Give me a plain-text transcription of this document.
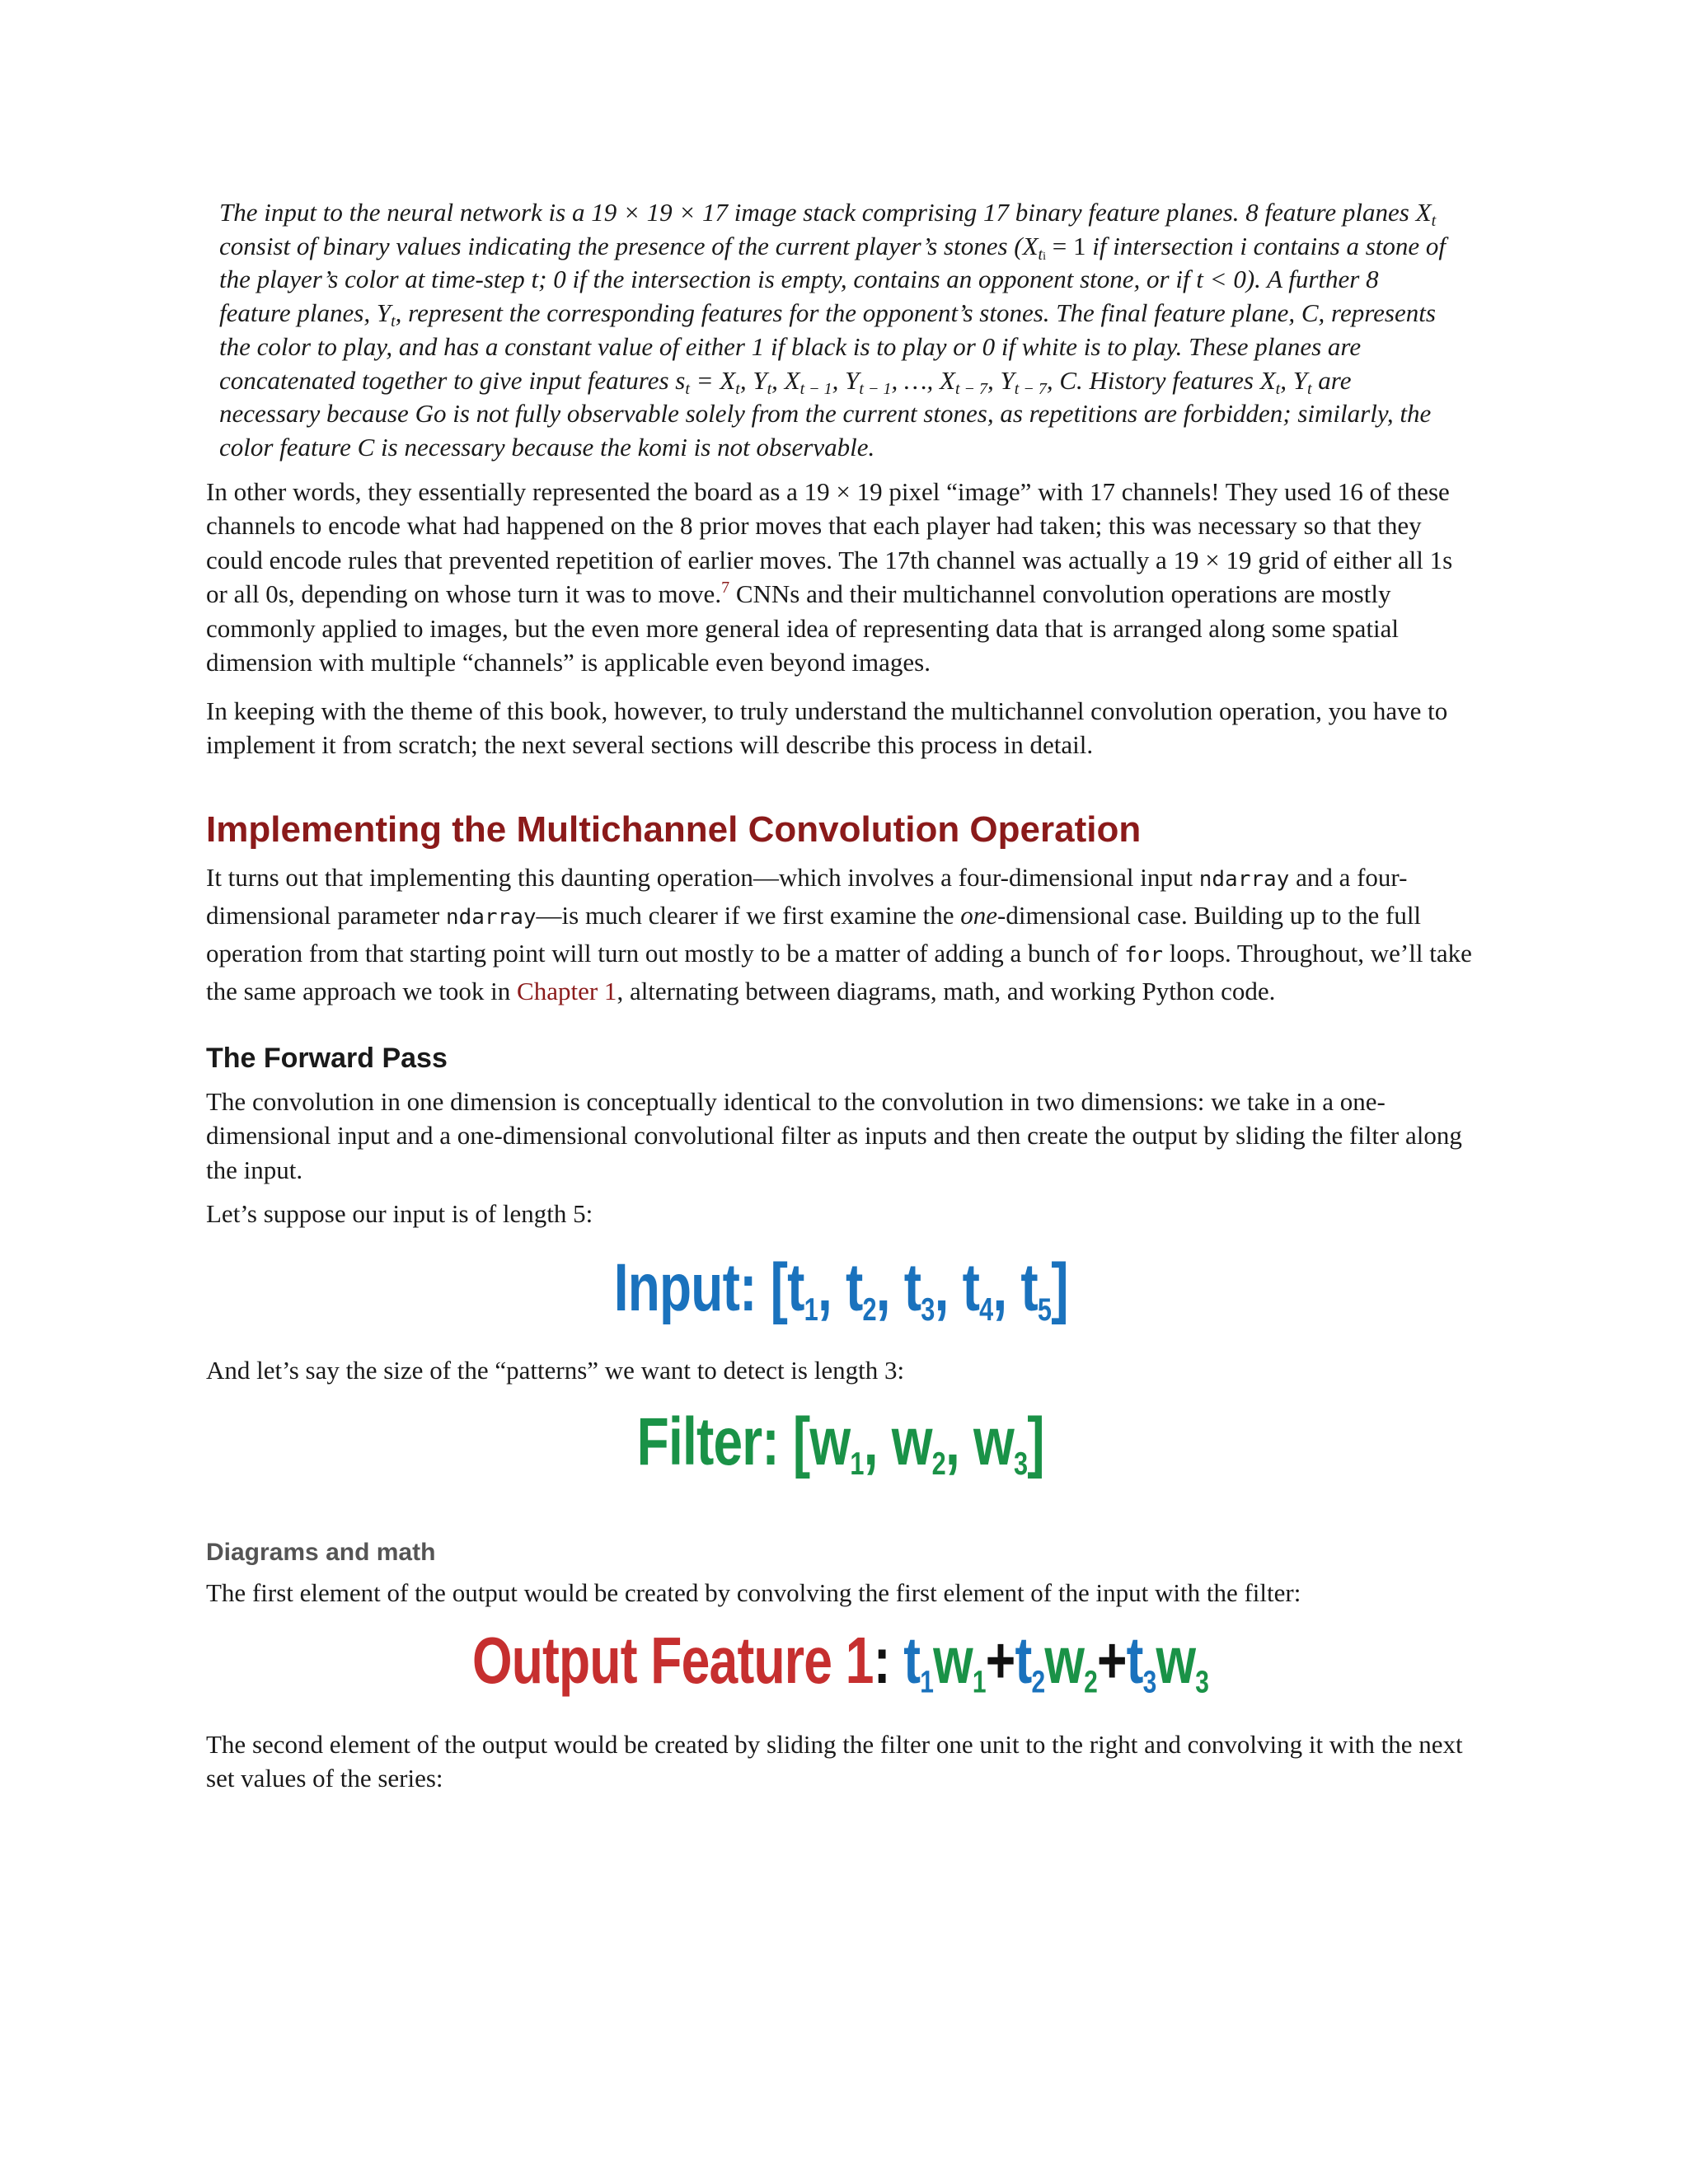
The input to the neural network is a 19 × 19 × 17 image stack comprising 17 binary feature planes. 8 feature planes $X_t$ consist of binary values indicating the presence of the current player’s stones ($X_{ti} = 1$ if intersection i contains a stone of the player’s color at time-step t; 0 if the intersection is empty, contains an opponent stone, or if t < 0). A further 8 feature planes, $Y_t$, represent the corresponding features for the opponent’s stones. The final feature plane, C, represents the color to play, and has a constant value of either 1 if black is to play or 0 if white is to play. These planes are concatenated together to give input features $s_t = X_t$, $Y_t$, $X_{t - 1}$, $Y_{t - 1}$, …, $X_{t - 7}$, $Y_{t - 7}$, C. History features $X_t$, $Y_t$ are necessary because Go is not fully observable solely from the current stones, as repetitions are forbidden; similarly, the color feature C is necessary because the komi is not observable.

In other words, they essentially represented the board as a 19 × 19 pixel “image” with 17 channels! They used 16 of these channels to encode what had happened on the 8 prior moves that each player had taken; this was necessary so that they could encode rules that prevented repetition of earlier moves. The 17th channel was actually a 19 × 19 grid of either all 1s or all 0s, depending on whose turn it was to move.$^7$ CNNs and their multichannel convolution operations are mostly commonly applied to images, but the even more general idea of representing data that is arranged along some spatial dimension with multiple “channels” is applicable even beyond images.

In keeping with the theme of this book, however, to truly understand the multichannel convolution operation, you have to implement it from scratch; the next several sections will describe this process in detail.

Implementing the Multichannel Convolution Operation

It turns out that implementing this daunting operation—which involves a four-dimensional input ndarray and a four-dimensional parameter ndarray—is much clearer if we first examine the one-dimensional case. Building up to the full operation from that starting point will turn out mostly to be a matter of adding a bunch of for loops. Throughout, we’ll take the same approach we took in Chapter 1, alternating between diagrams, math, and working Python code.

The Forward Pass

The convolution in one dimension is conceptually identical to the convolution in two dimensions: we take in a one-dimensional input and a one-dimensional convolutional filter as inputs and then create the output by sliding the filter along the input.

Let’s suppose our input is of length 5:

Input: [t1, t2, t3, t4, t5]

And let’s say the size of the “patterns” we want to detect is length 3:

Filter: [w1, w2, w3]
Diagrams and math

The first element of the output would be created by convolving the first element of the input with the filter:

Output Feature 1: t1w1+t2w2+t3w3

The second element of the output would be created by sliding the filter one unit to the right and convolving it with the next set values of the series:
